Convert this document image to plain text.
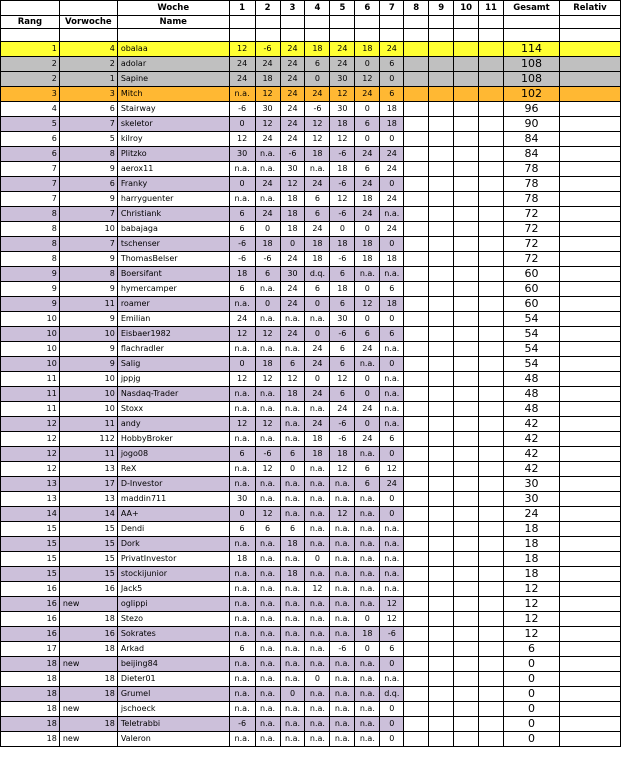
		Woche	1	2	3	4	5	6	7	8	9	10	11	Gesamt	Relativ
Rang	Vorwoche	Name													

1	4	obalaa	12	-6	24	18	24	18	24					114	
2	2	adolar	24	24	24	6	24	0	6					108	
2	1	Sapine	24	18	24	0	30	12	0					108	
3	3	Mitch	n.a.	12	24	24	12	24	6					102	
4	6	Stairway	-6	30	24	-6	30	0	18					96	
5	7	skeletor	0	12	24	12	18	6	18					90	
6	5	kilroy	12	24	24	12	12	0	0					84	
6	8	Plitzko	30	n.a.	-6	18	-6	24	24					84	
7	9	aerox11	n.a.	n.a.	30	n.a.	18	6	24					78	
7	6	Franky	0	24	12	24	-6	24	0					78	
7	9	harryguenter	n.a.	n.a.	18	6	12	18	24					78	
8	7	Christiank	6	24	18	6	-6	24	n.a.					72	
8	10	babajaga	6	0	18	24	0	0	24					72	
8	7	tschenser	-6	18	0	18	18	18	0					72	
8	9	ThomasBelser	-6	-6	24	18	-6	18	18					72	
9	8	Boersifant	18	6	30	d.q.	6	n.a.	n.a.					60	
9	9	hymercamper	6	n.a.	24	6	18	0	6					60	
9	11	roamer	n.a.	0	24	0	6	12	18					60	
10	9	Emilian	24	n.a.	n.a.	n.a.	30	0	0					54	
10	10	Eisbaer1982	12	12	24	0	-6	6	6					54	
10	9	flachradler	n.a.	n.a.	n.a.	24	6	24	n.a.					54	
10	9	Salig	0	18	6	24	6	n.a.	0					54	
11	10	jppjg	12	12	12	0	12	0	n.a.					48	
11	10	Nasdaq-Trader	n.a.	n.a.	18	24	6	0	n.a.					48	
11	10	Stoxx	n.a.	n.a.	n.a.	n.a.	24	24	n.a.					48	
12	11	andy	12	12	n.a.	24	-6	0	n.a.					42	
12	112	HobbyBroker	n.a.	n.a.	n.a.	18	-6	24	6					42	
12	11	jogo08	6	-6	6	18	18	n.a.	0					42	
12	13	ReX	n.a.	12	0	n.a.	12	6	12					42	
13	17	D-Investor	n.a.	n.a.	n.a.	n.a.	n.a.	6	24					30	
13	13	maddin711	30	n.a.	n.a.	n.a.	n.a.	n.a.	0					30	
14	14	AA+	0	12	n.a.	n.a.	12	n.a.	0					24	
15	15	Dendi	6	6	6	n.a.	n.a.	n.a.	n.a.					18	
15	15	Dork	n.a.	n.a.	18	n.a.	n.a.	n.a.	n.a.					18	
15	15	PrivatInvestor	18	n.a.	n.a.	0	n.a.	n.a.	n.a.					18	
15	15	stockijunior	n.a.	n.a.	18	n.a.	n.a.	n.a.	n.a.					18	
16	16	Jack5	n.a.	n.a.	n.a.	12	n.a.	n.a.	n.a.					12	
16	new	oglippi	n.a.	n.a.	n.a.	n.a.	n.a.	n.a.	12					12	
16	18	Stezo	n.a.	n.a.	n.a.	n.a.	n.a.	0	12					12	
16	16	Sokrates	n.a.	n.a.	n.a.	n.a.	n.a.	18	-6					12	
17	18	Arkad	6	n.a.	n.a.	n.a.	-6	0	6					6	
18	new	beijing84	n.a.	n.a.	n.a.	n.a.	n.a.	n.a.	0					0	
18	18	Dieter01	n.a.	n.a.	n.a.	0	n.a.	n.a.	n.a.					0	
18	18	Grumel	n.a.	n.a.	0	n.a.	n.a.	n.a.	d.q.					0	
18	new	jschoeck	n.a.	n.a.	n.a.	n.a.	n.a.	n.a.	0					0	
18	18	Teletrabbi	-6	n.a.	n.a.	n.a.	n.a.	n.a.	0					0	
18	new	Valeron	n.a.	n.a.	n.a.	n.a.	n.a.	n.a.	0					0	
